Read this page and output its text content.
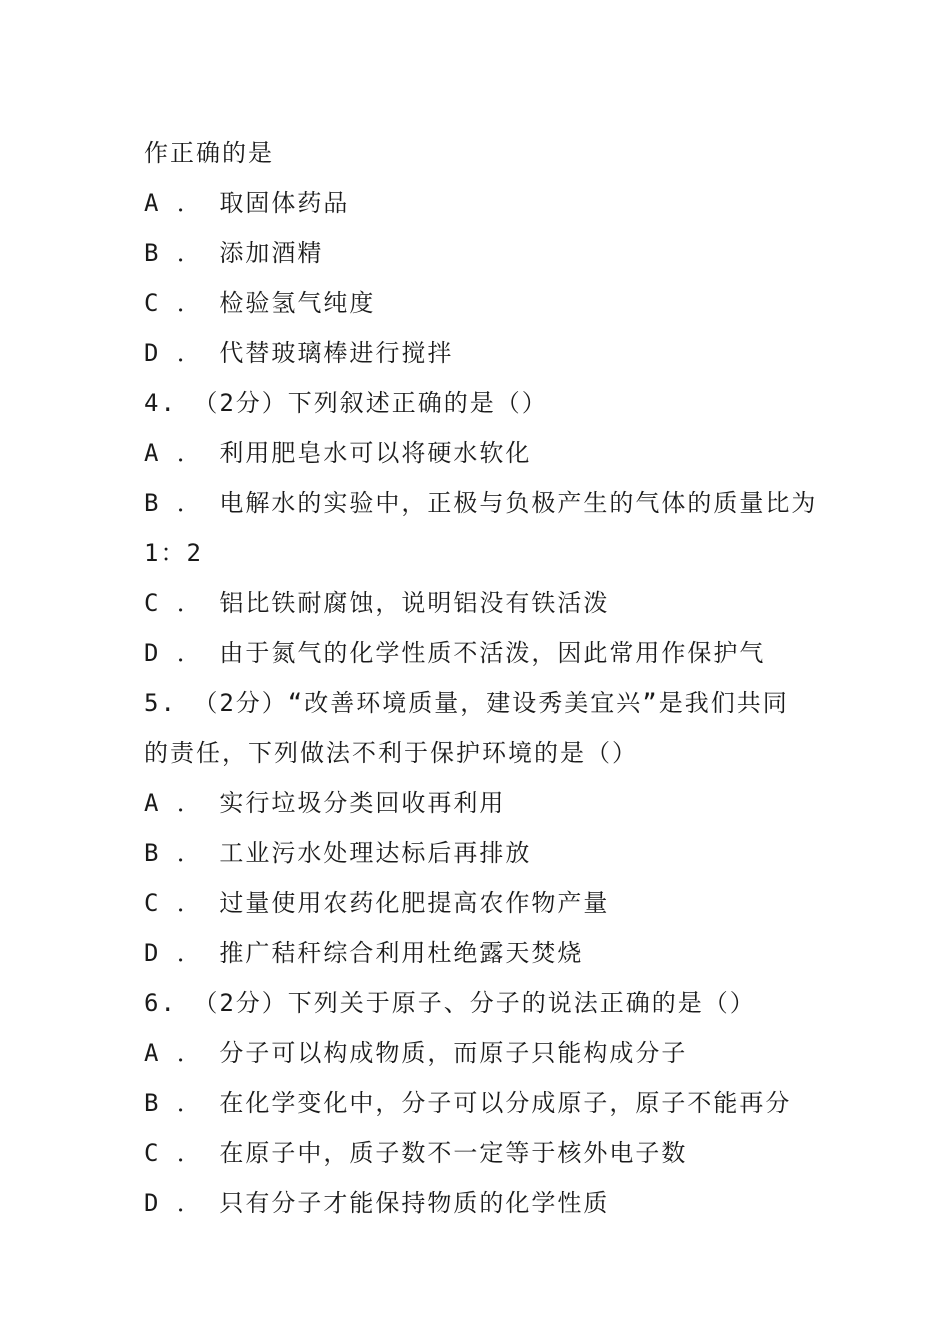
作正确的是
A ． 取固体药品
B ． 添加酒精
C ． 检验氢气纯度
D ． 代替玻璃棒进行搅拌
4. （2分）下列叙述正确的是（）
A ． 利用肥皂水可以将硬水软化
B ． 电解水的实验中，正极与负极产生的气体的质量比为
1：2
C ． 铝比铁耐腐蚀，说明铝没有铁活泼
D ． 由于氮气的化学性质不活泼，因此常用作保护气
5. （2分）“改善环境质量，建设秀美宜兴”是我们共同
的责任，下列做法不利于保护环境的是（）
A ． 实行垃圾分类回收再利用
B ． 工业污水处理达标后再排放
C ． 过量使用农药化肥提高农作物产量
D ． 推广秸秆综合利用杜绝露天焚烧
6. （2分）下列关于原子、分子的说法正确的是（）
A ． 分子可以构成物质，而原子只能构成分子
B ． 在化学变化中，分子可以分成原子，原子不能再分
C ． 在原子中，质子数不一定等于核外电子数
D ． 只有分子才能保持物质的化学性质
